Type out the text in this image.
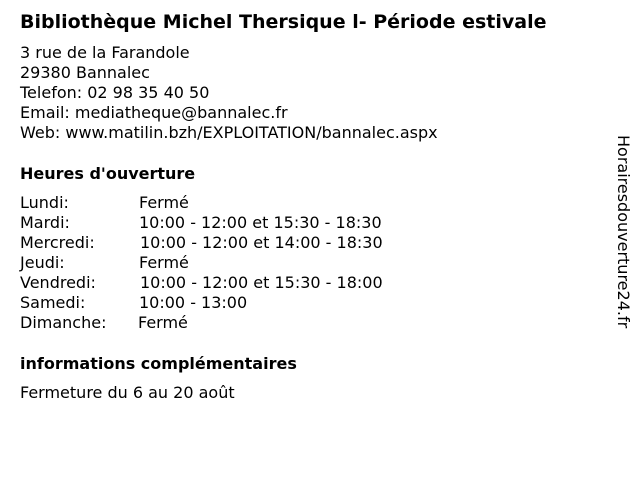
Bibliothèque Michel Thersique l- Période estivale
3 rue de la Farandole
29380 Bannalec
Telefon: 02 98 35 40 50
Email: mediatheque@bannalec.fr
Web: www.matilin.bzh/EXPLOITATION/bannalec.aspx
Heures d'ouverture
Lundi:	Fermé
Mardi:	10:00 - 12:00 et 15:30 - 18:30
Mercredi:	10:00 - 12:00 et 14:00 - 18:30
Jeudi:	Fermé
Vendredi:	10:00 - 12:00 et 15:30 - 18:00
Samedi:	10:00 - 13:00
Dimanche: Fermé
informations complémentaires
Fermeture du 6 au 20 août
Horairesdouverture24.fr
